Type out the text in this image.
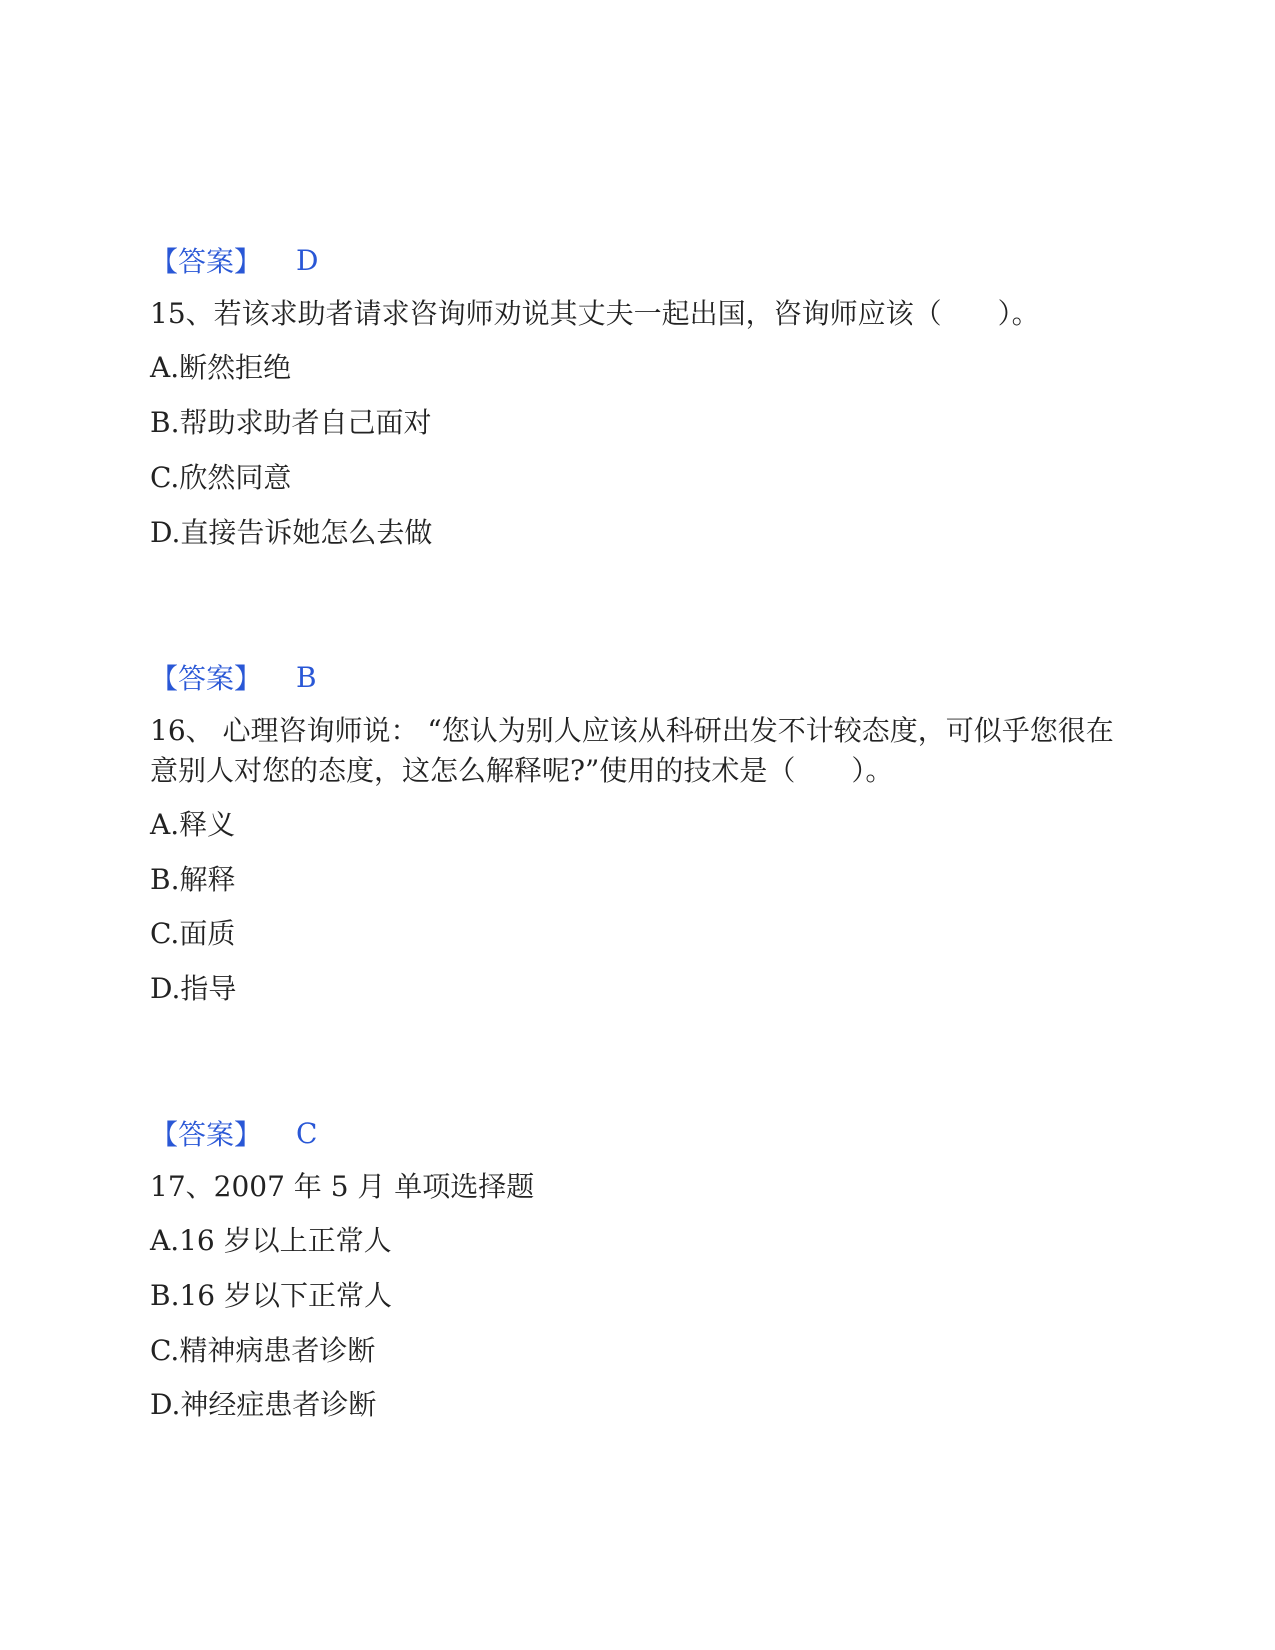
【答案】	D
15、若该求助者请求咨询师劝说其丈夫一起出国，咨询师应该（　　）。
A.断然拒绝
B.帮助求助者自己面对
C.欣然同意
D.直接告诉她怎么去做
【答案】	B
16、 心理咨询师说： “您认为别人应该从科研出发不计较态度，可似乎您很在意别人对您的态度，这怎么解释呢?”使用的技术是（　　）。
A.释义
B.解释
C.面质
D.指导
【答案】	C
17、2007 年 5 月 单项选择题
A.16 岁以上正常人
B.16 岁以下正常人
C.精神病患者诊断
D.神经症患者诊断
